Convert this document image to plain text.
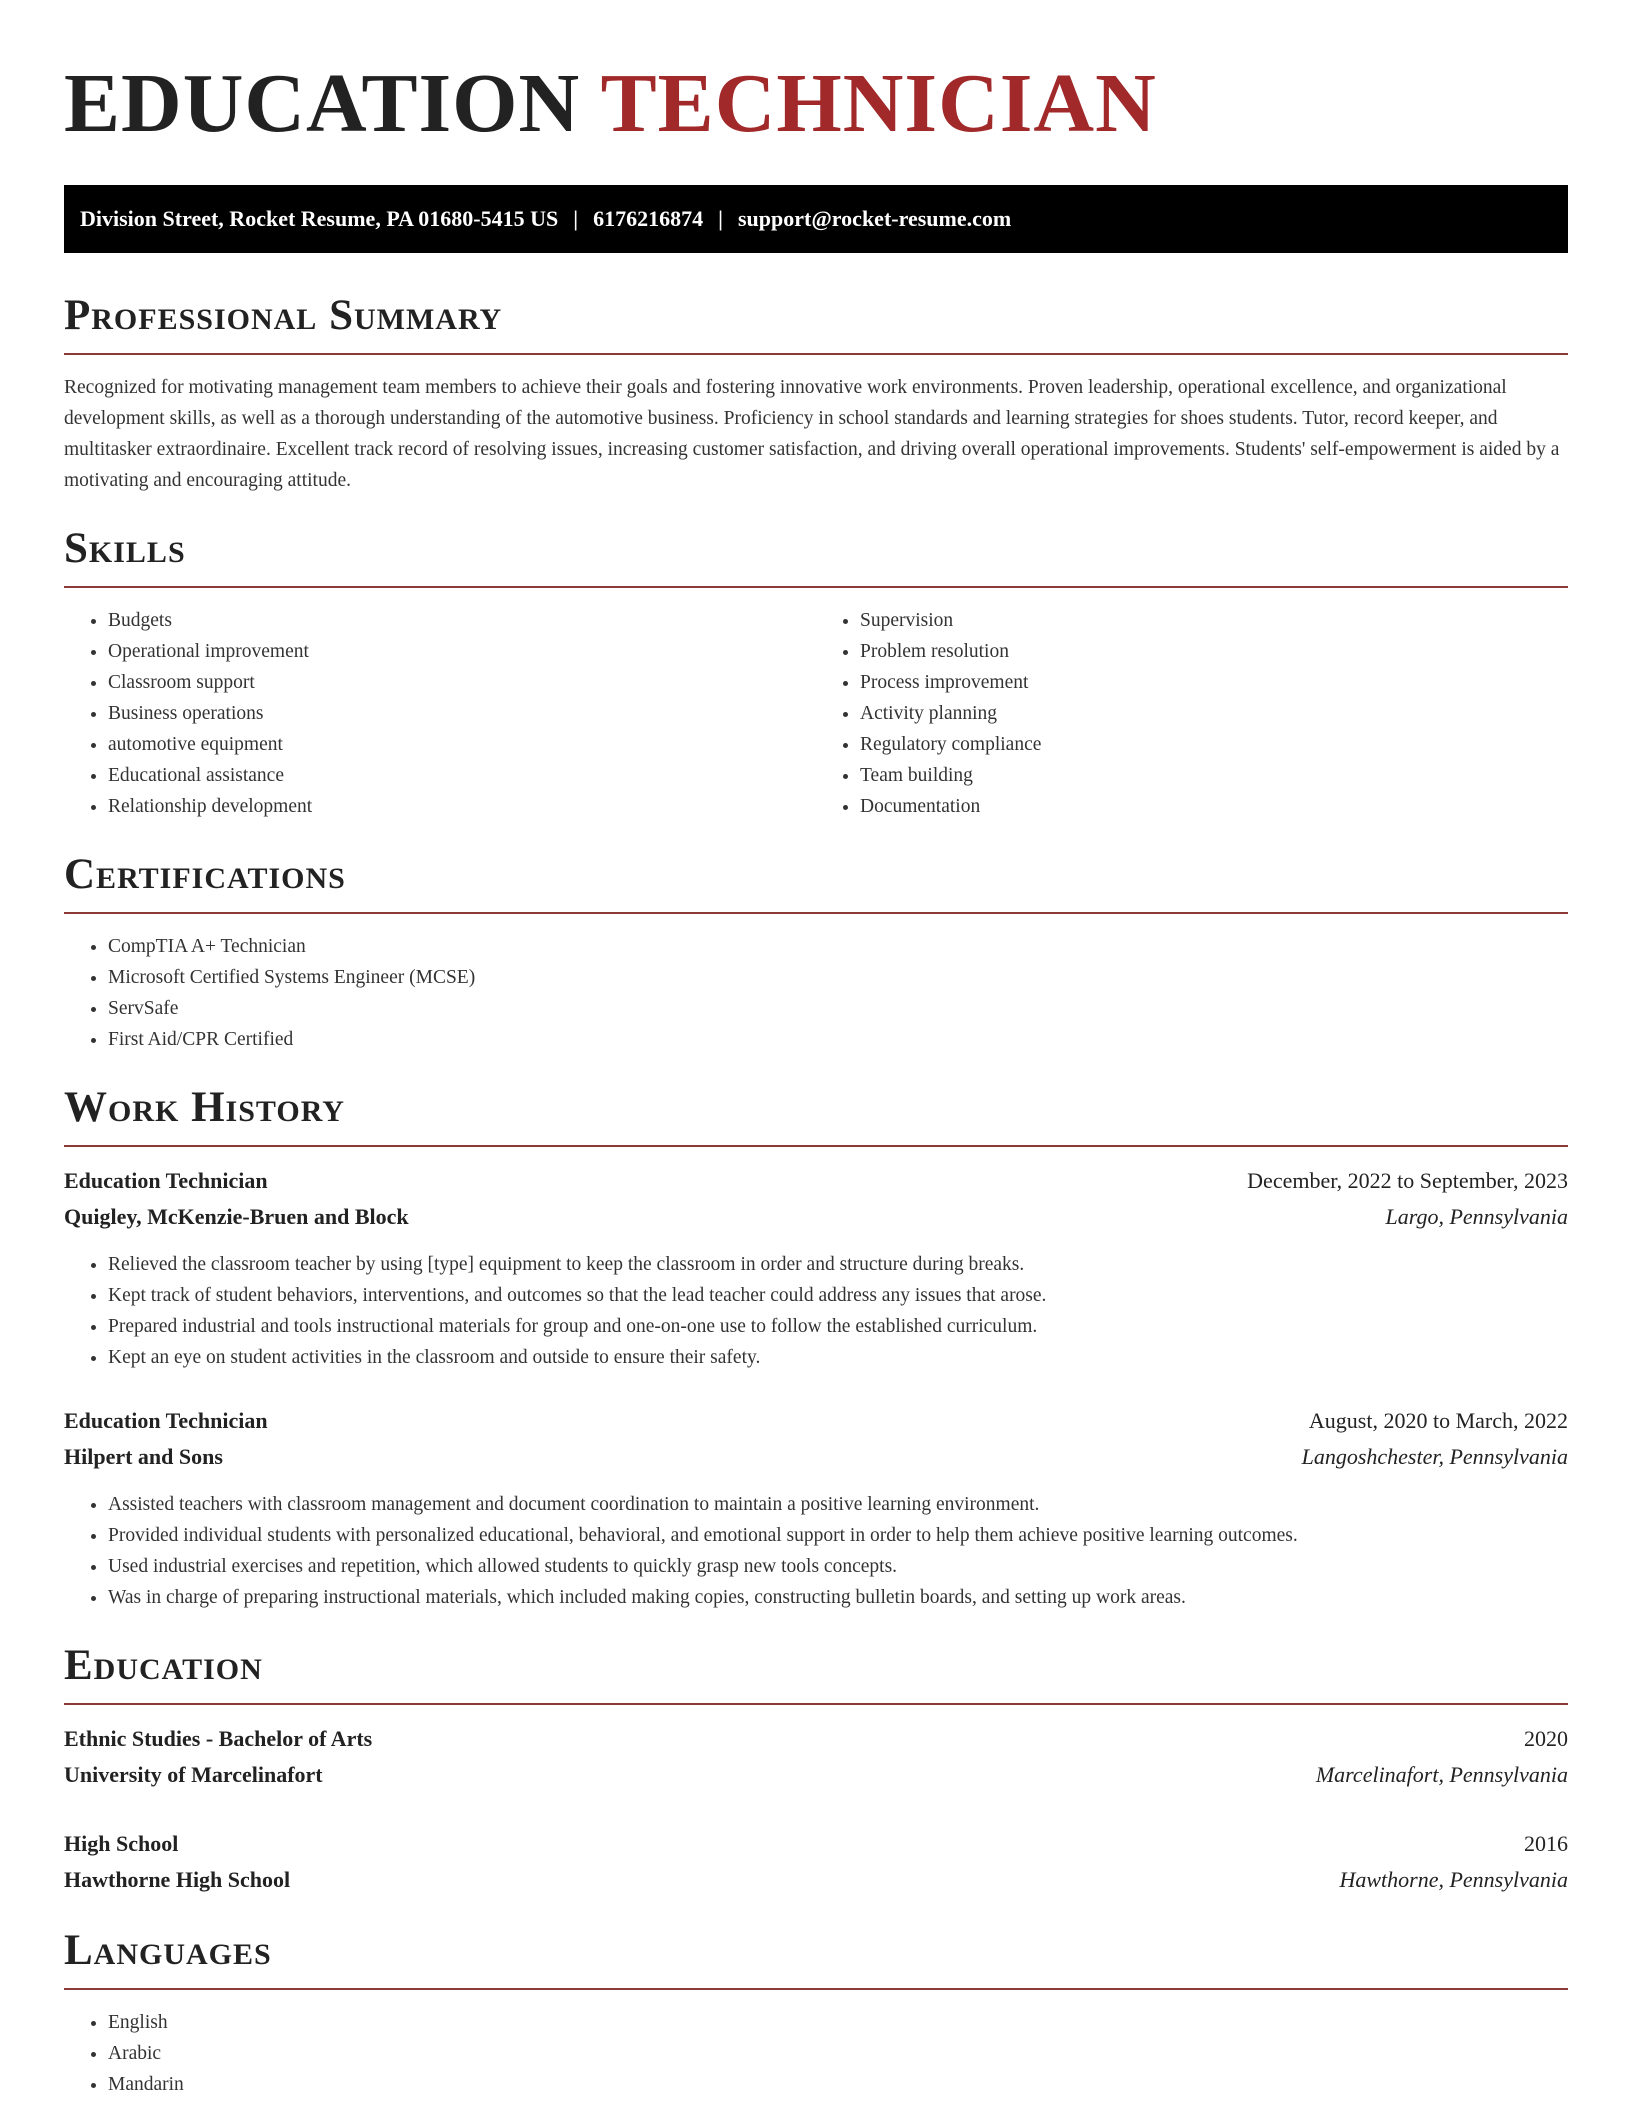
EDUCATION TECHNICIAN
Division Street, Rocket Resume, PA 01680-5415 US | 6176216874 | support@rocket-resume.com
Professional Summary

Recognized for motivating management team members to achieve their goals and fostering innovative work environments. Proven leadership, operational excellence, and organizational development skills, as well as a thorough understanding of the automotive business. Proficiency in school standards and learning strategies for shoes students. Tutor, record keeper, and multitasker extraordinaire. Excellent track record of resolving issues, increasing customer satisfaction, and driving overall operational improvements. Students' self-empowerment is aided by a motivating and encouraging attitude.

Skills
• Budgets
• Operational improvement
• Classroom support
• Business operations
• automotive equipment
• Educational assistance
• Relationship development
• Supervision
• Problem resolution
• Process improvement
• Activity planning
• Regulatory compliance
• Team building
• Documentation
Certifications
• CompTIA A+ Technician
• Microsoft Certified Systems Engineer (MCSE)
• ServSafe
• First Aid/CPR Certified
Work History
Education Technician	December, 2022 to September, 2023
Quigley, McKenzie-Bruen and Block	Largo, Pennsylvania
• Relieved the classroom teacher by using [type] equipment to keep the classroom in order and structure during breaks.
• Kept track of student behaviors, interventions, and outcomes so that the lead teacher could address any issues that arose.
• Prepared industrial and tools instructional materials for group and one-on-one use to follow the established curriculum.
• Kept an eye on student activities in the classroom and outside to ensure their safety.
Education Technician	August, 2020 to March, 2022
Hilpert and Sons	Langoshchester, Pennsylvania
• Assisted teachers with classroom management and document coordination to maintain a positive learning environment.
• Provided individual students with personalized educational, behavioral, and emotional support in order to help them achieve positive learning outcomes.
• Used industrial exercises and repetition, which allowed students to quickly grasp new tools concepts.
• Was in charge of preparing instructional materials, which included making copies, constructing bulletin boards, and setting up work areas.
Education
Ethnic Studies - Bachelor of Arts	2020
University of Marcelinafort	Marcelinafort, Pennsylvania
High School	2016
Hawthorne High School	Hawthorne, Pennsylvania
Languages
• English
• Arabic
• Mandarin
